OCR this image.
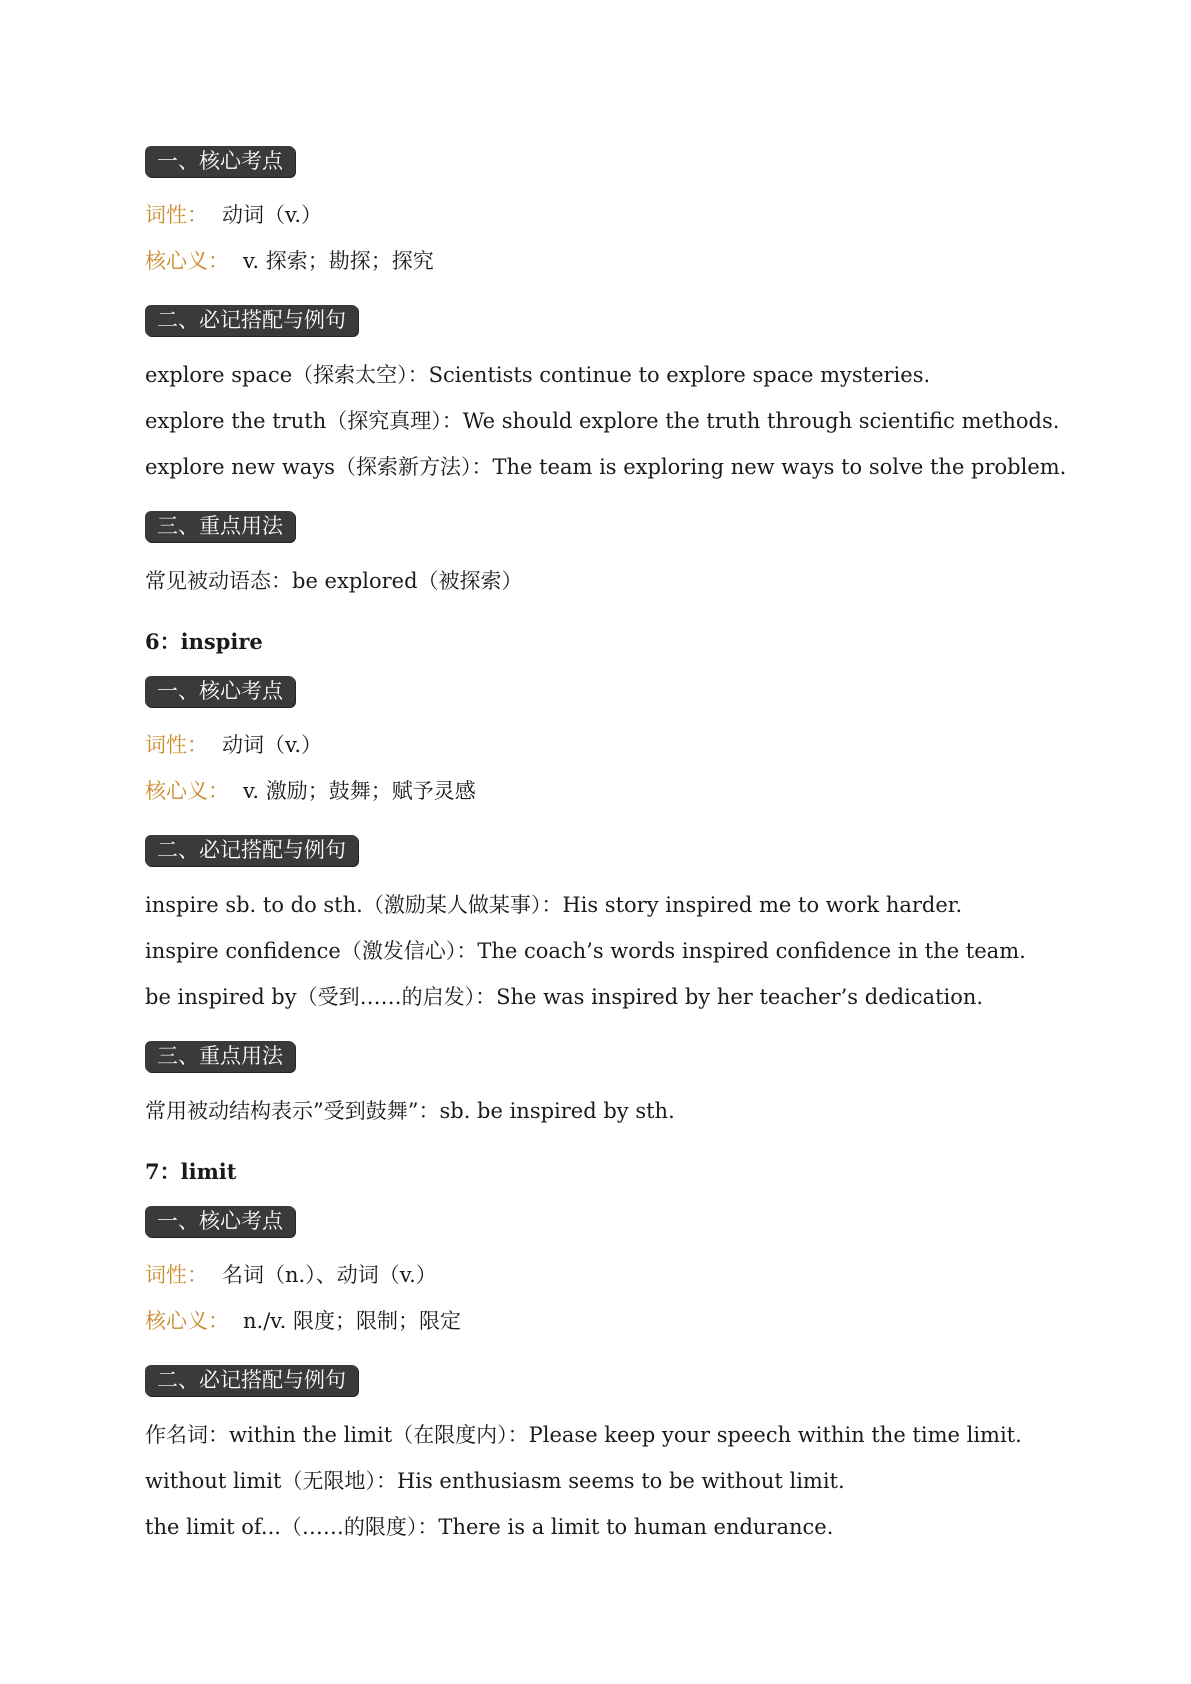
一、核心考点
词性： 动词（v.）
核心义： v. 探索；勘探；探究
二、必记搭配与例句
explore space（探索太空）：Scientists continue to explore space mysteries.
explore the truth（探究真理）：We should explore the truth through scientific methods.
explore new ways（探索新方法）：The team is exploring new ways to solve the problem.
三、重点用法
常见被动语态：be explored（被探索）
6：inspire
一、核心考点
词性： 动词（v.）
核心义： v. 激励；鼓舞；赋予灵感
二、必记搭配与例句
inspire sb. to do sth.（激励某人做某事）：His story inspired me to work harder.
inspire confidence（激发信心）：The coach’s words inspired confidence in the team.
be inspired by（受到……的启发）：She was inspired by her teacher’s dedication.
三、重点用法
常用被动结构表示”受到鼓舞”：sb. be inspired by sth.
7：limit
一、核心考点
词性： 名词（n.）、动词（v.）
核心义： n./v. 限度；限制；限定
二、必记搭配与例句
作名词：within the limit（在限度内）：Please keep your speech within the time limit.
without limit（无限地）：His enthusiasm seems to be without limit.
the limit of...（……的限度）：There is a limit to human endurance.
